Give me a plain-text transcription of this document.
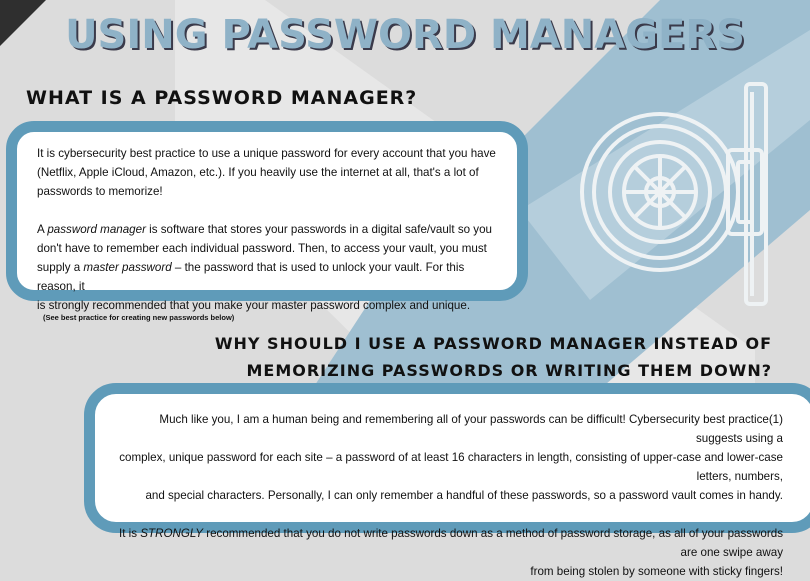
USING PASSWORD MANAGERS
WHAT IS A PASSWORD MANAGER?

It is cybersecurity best practice to use a unique password for every account that you have
(Netflix, Apple iCloud, Amazon, etc.). If you heavily use the internet at all, that's a lot of
passwords to memorize!

A password manager is software that stores your passwords in a digital safe/vault so you
don't have to remember each individual password. Then, to access your vault, you must
supply a master password – the password that is used to unlock your vault. For this reason, it
is strongly recommended that you make your master password complex and unique.

(See best practice for creating new passwords below)
WHY SHOULD I USE A PASSWORD MANAGER INSTEAD OF
MEMORIZING PASSWORDS OR WRITING THEM DOWN?

Much like you, I am a human being and remembering all of your passwords can be difficult! Cybersecurity best practice(1) suggests using a
complex, unique password for each site – a password of at least 16 characters in length, consisting of upper-case and lower-case letters, numbers,
and special characters. Personally, I can only remember a handful of these passwords, so a password vault comes in handy.

It is STRONGLY recommended that you do not write passwords down as a method of password storage, as all of your passwords are one swipe away
from being stolen by someone with sticky fingers!
